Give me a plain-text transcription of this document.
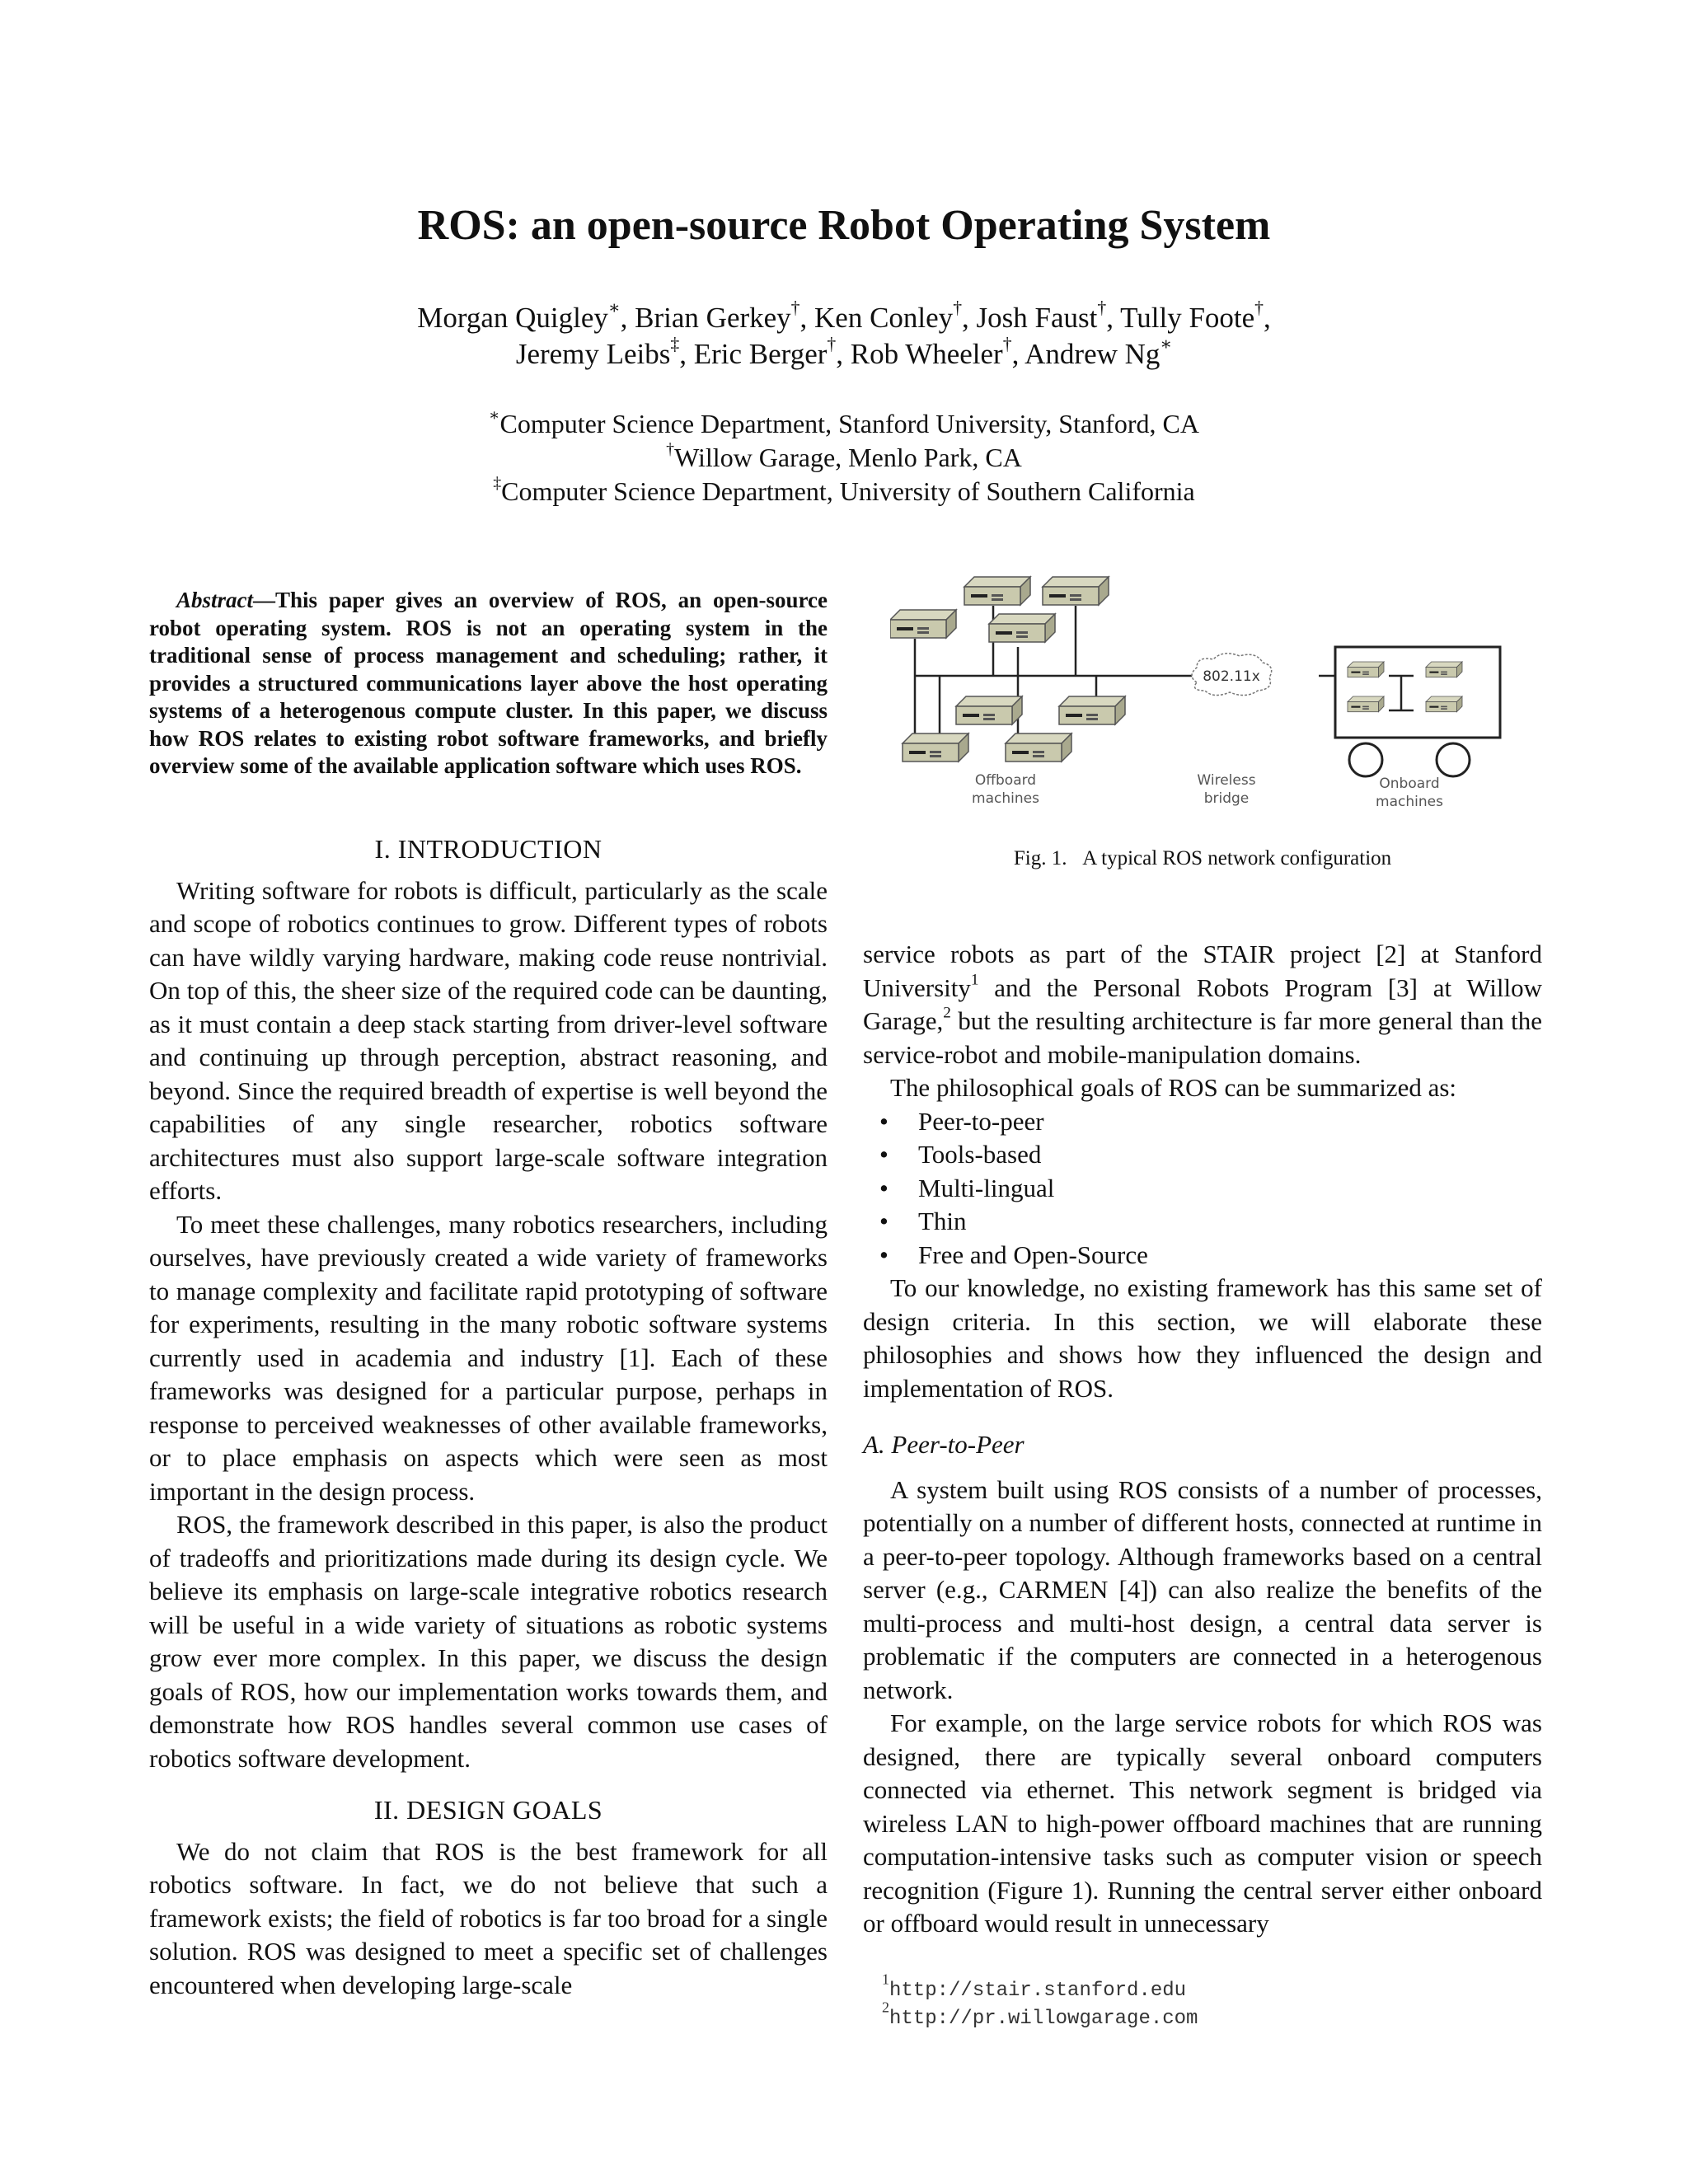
ROS: an open-source Robot Operating System
Morgan Quigley∗, Brian Gerkey†, Ken Conley†, Josh Faust†, Tully Foote†,
Jeremy Leibs‡, Eric Berger†, Rob Wheeler†, Andrew Ng∗
∗Computer Science Department, Stanford University, Stanford, CA
†Willow Garage, Menlo Park, CA
‡Computer Science Department, University of Southern California
Abstract—This paper gives an overview of ROS, an open-source robot operating system. ROS is not an operating system in the traditional sense of process management and scheduling; rather, it provides a structured communications layer above the host operating systems of a heterogenous compute cluster. In this paper, we discuss how ROS relates to existing robot software frameworks, and briefly overview some of the available application software which uses ROS.
I. INTRODUCTION

Writing software for robots is difficult, particularly as the scale and scope of robotics continues to grow. Different types of robots can have wildly varying hardware, making code reuse nontrivial. On top of this, the sheer size of the required code can be daunting, as it must contain a deep stack starting from driver-level software and continuing up through perception, abstract reasoning, and beyond. Since the required breadth of expertise is well beyond the capabilities of any single researcher, robotics software architectures must also support large-scale software integration efforts.

To meet these challenges, many robotics researchers, including ourselves, have previously created a wide variety of frameworks to manage complexity and facilitate rapid prototyping of software for experiments, resulting in the many robotic software systems currently used in academia and industry [1]. Each of these frameworks was designed for a particular purpose, perhaps in response to perceived weaknesses of other available frameworks, or to place emphasis on aspects which were seen as most important in the design process.

ROS, the framework described in this paper, is also the product of tradeoffs and prioritizations made during its design cycle. We believe its emphasis on large-scale integrative robotics research will be useful in a wide variety of situations as robotic systems grow ever more complex. In this paper, we discuss the design goals of ROS, how our implementation works towards them, and demonstrate how ROS handles several common use cases of robotics software development.

II. DESIGN GOALS

We do not claim that ROS is the best framework for all robotics software. In fact, we do not believe that such a framework exists; the field of robotics is far too broad for a single solution. ROS was designed to meet a specific set of challenges encountered when developing large-scale

802.11x
Offboard
machines
Wireless
bridge
Onboard
machines
Fig. 1. A typical ROS network configuration

service robots as part of the STAIR project [2] at Stanford University$^1$ and the Personal Robots Program [3] at Willow Garage,$^2$ but the resulting architecture is far more general than the service-robot and mobile-manipulation domains.

The philosophical goals of ROS can be summarized as:

• Peer-to-peer
• Tools-based
• Multi-lingual
• Thin
• Free and Open-Source

To our knowledge, no existing framework has this same set of design criteria. In this section, we will elaborate these philosophies and shows how they influenced the design and implementation of ROS.

A. Peer-to-Peer

A system built using ROS consists of a number of processes, potentially on a number of different hosts, connected at runtime in a peer-to-peer topology. Although frameworks based on a central server (e.g., CARMEN [4]) can also realize the benefits of the multi-process and multi-host design, a central data server is problematic if the computers are connected in a heterogenous network.

For example, on the large service robots for which ROS was designed, there are typically several onboard computers connected via ethernet. This network segment is bridged via wireless LAN to high-power offboard machines that are running computation-intensive tasks such as computer vision or speech recognition (Figure 1). Running the central server either onboard or offboard would result in unnecessary

$^1$http://stair.stanford.edu
$^2$http://pr.willowgarage.com
